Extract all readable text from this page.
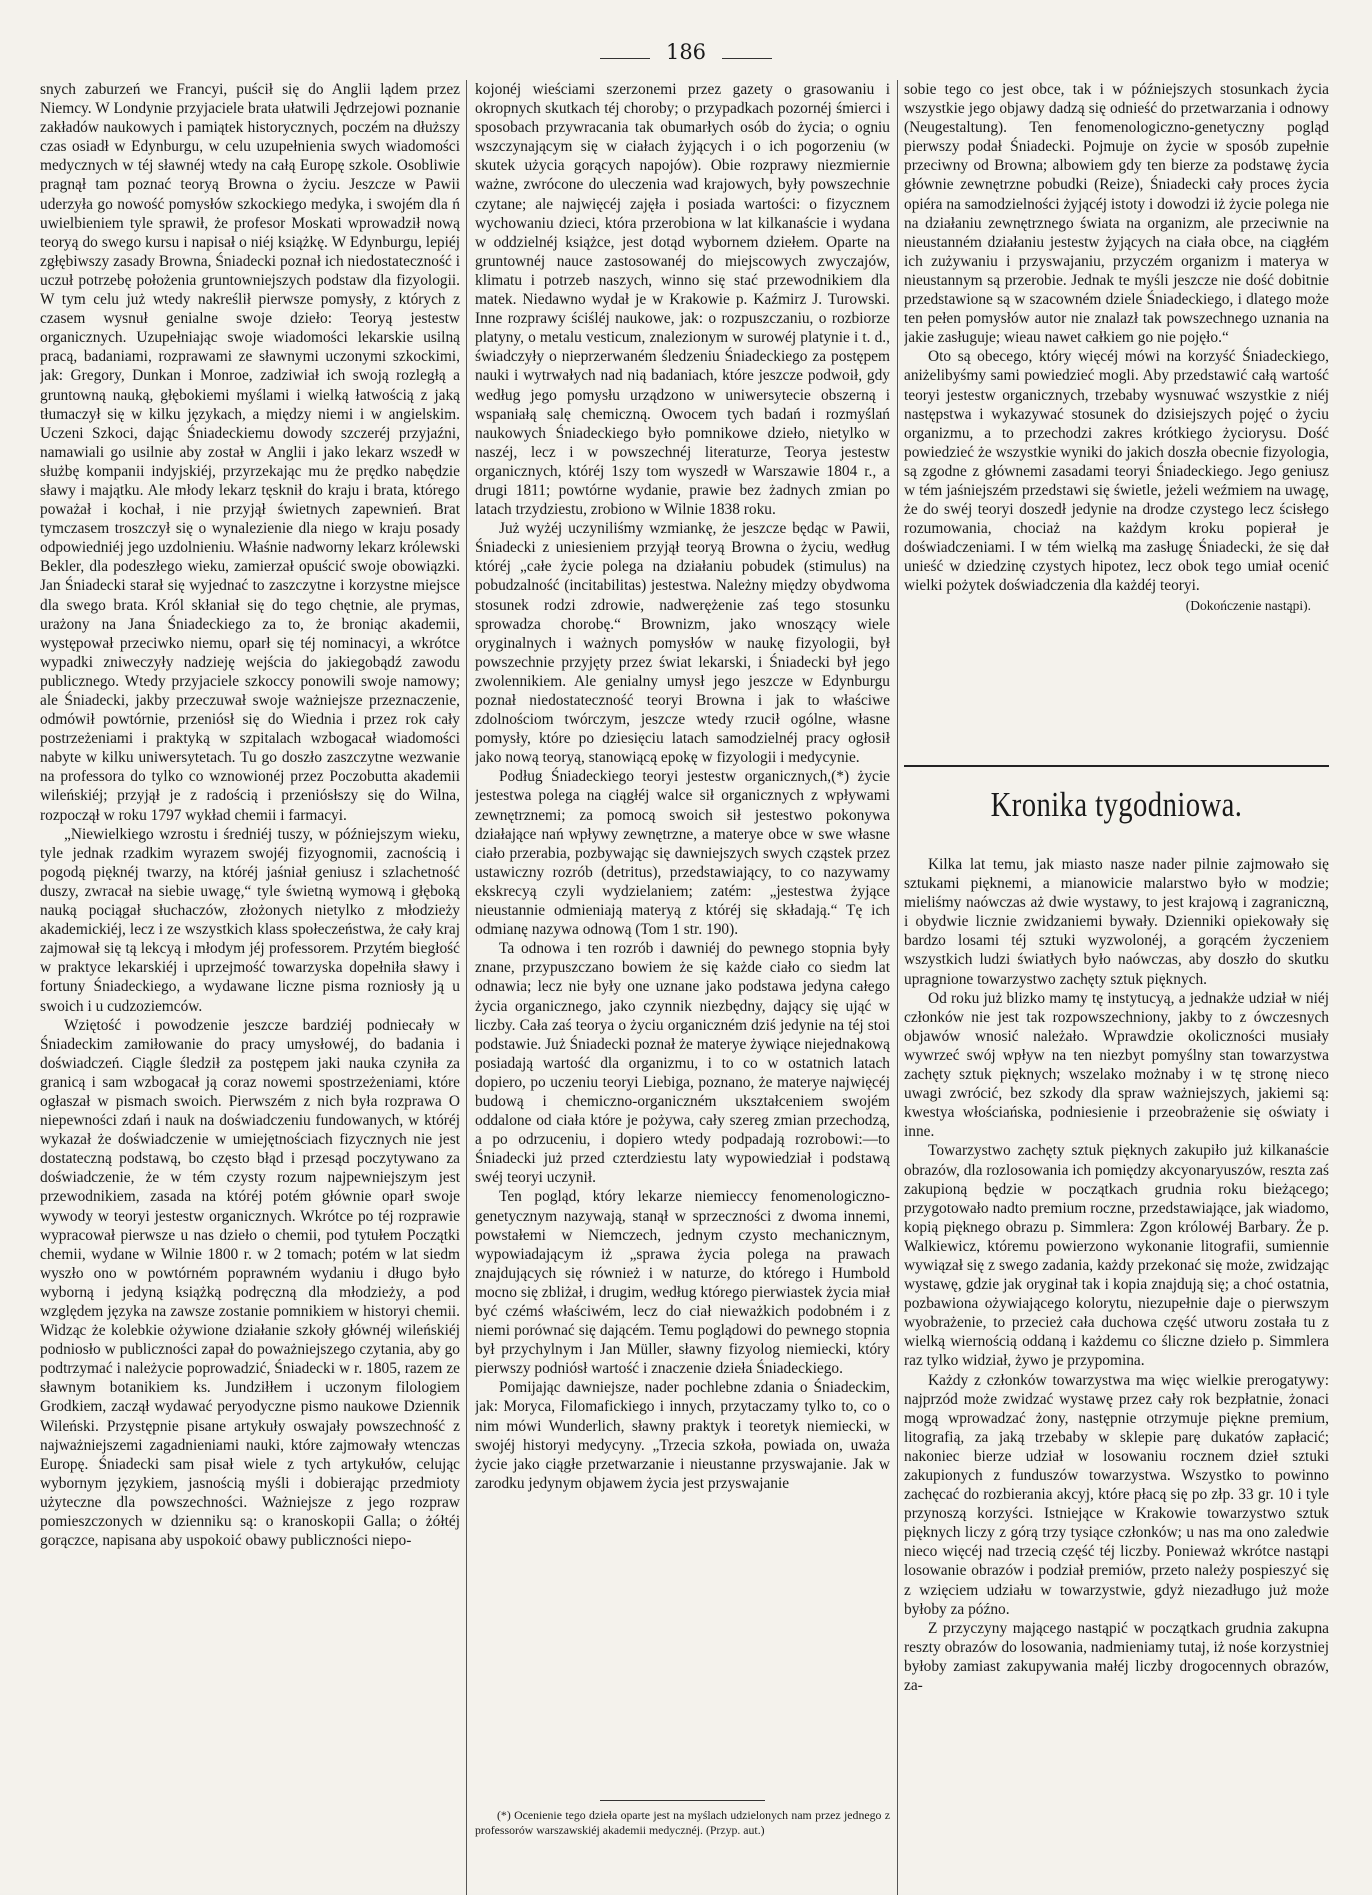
186

snych zaburzeń we Francyi, puścił się do Anglii lądem przez Niemcy. W Londynie przyjaciele brata ułatwili Jędrzejowi poznanie zakładów naukowych i pamiątek historycznych, poczém na dłuższy czas osiadł w Edynburgu, w celu uzupełnienia swych wiadomości medycznych w téj sławnéj wtedy na całą Europę szkole. Osobliwie pragnął tam poznać teoryą Browna o życiu. Jeszcze w Pawii uderzyła go nowość pomysłów szkockiego medyka, i swojém dla ń uwielbieniem tyle sprawił, że profesor Moskati wprowadził nową teoryą do swego kursu i napisał o niéj książkę. W Edynburgu, lepiéj zgłębiwszy zasady Browna, Śniadecki poznał ich niedostateczność i uczuł potrzebę położenia gruntowniejszych podstaw dla fizyologii. W tym celu już wtedy nakreślił pierwsze pomysły, z których z czasem wysnuł genialne swoje dzieło: Teoryą jestestw organicznych. Uzupełniając swoje wiadomości lekarskie usilną pracą, badaniami, rozprawami ze sławnymi uczonymi szkockimi, jak: Gregory, Dunkan i Monroe, zadziwiał ich swoją rozległą a gruntowną nauką, głębokiemi myślami i wielką łatwością z jaką tłumaczył się w kilku językach, a między niemi i w angielskim. Uczeni Szkoci, dając Śniadeckiemu dowody szczeréj przyjaźni, namawiali go usilnie aby został w Anglii i jako lekarz wszedł w służbę kompanii indyjskiéj, przyrzekając mu że prędko nabędzie sławy i majątku. Ale młody lekarz tęsknił do kraju i brata, którego poważał i kochał, i nie przyjął świetnych zapewnień. Brat tymczasem troszczył się o wynalezienie dla niego w kraju posady odpowiedniéj jego uzdolnieniu. Właśnie nadworny lekarz królewski Bekler, dla podeszłego wieku, zamierzał opuścić swoje obowiązki. Jan Śniadecki starał się wyjednać to zaszczytne i korzystne miejsce dla swego brata. Król skłaniał się do tego chętnie, ale prymas, urażony na Jana Śniadeckiego za to, że broniąc akademii, występował przeciwko niemu, oparł się téj nominacyi, a wkrótce wypadki zniweczyły nadzieję wejścia do jakiegobądź zawodu publicznego. Wtedy przyjaciele szkoccy ponowili swoje namowy; ale Śniadecki, jakby przeczuwał swoje ważniejsze przeznaczenie, odmówił powtórnie, przeniósł się do Wiednia i przez rok cały postrzeżeniami i praktyką w szpitalach wzbogacał wiadomości nabyte w kilku uniwersytetach. Tu go doszło zaszczytne wezwanie na professora do tylko co wznowionéj przez Poczobutta akademii wileńskiéj; przyjął je z radością i przeniósłszy się do Wilna, rozpoczął w roku 1797 wykład chemii i farmacyi.

„Niewielkiego wzrostu i średniéj tuszy, w późniejszym wieku, tyle jednak rzadkim wyrazem swojéj fizyognomii, zacnością i pogodą pięknéj twarzy, na któréj jaśniał geniusz i szlachetność duszy, zwracał na siebie uwagę,“ tyle świetną wymową i głęboką nauką pociągał słuchaczów, złożonych nietylko z młodzieży akademickiéj, lecz i ze wszystkich klass społeczeństwa, że cały kraj zajmował się tą lekcyą i młodym jéj professorem. Przytém biegłość w praktyce lekarskiéj i uprzejmość towarzyska dopełniła sławy i fortuny Śniadeckiego, a wydawane liczne pisma rozniosły ją u swoich i u cudzoziemców.

Wziętość i powodzenie jeszcze bardziéj podniecały w Śniadeckim zamiłowanie do pracy umysłowéj, do badania i doświadczeń. Ciągle śledził za postępem jaki nauka czyniła za granicą i sam wzbogacał ją coraz nowemi spostrzeżeniami, które ogłaszał w pismach swoich. Pierwszém z nich była rozprawa O niepewności zdań i nauk na doświadczeniu fundowanych, w któréj wykazał że doświadczenie w umiejętnościach fizycznych nie jest dostateczną podstawą, bo często błąd i przesąd poczytywano za doświadczenie, że w tém czysty rozum najpewniejszym jest przewodnikiem, zasada na któréj potém głównie oparł swoje wywody w teoryi jestestw organicznych. Wkrótce po téj rozprawie wypracował pierwsze u nas dzieło o chemii, pod tytułem Początki chemii, wydane w Wilnie 1800 r. w 2 tomach; potém w lat siedm wyszło ono w powtórném poprawném wydaniu i długo było wyborną i jedyną książką podręczną dla młodzieży, a pod względem języka na zawsze zostanie pomnikiem w historyi chemii. Widząc że kolebkie ożywione działanie szkoły głównéj wileńskiéj podniosło w publiczności zapał do poważniejszego czytania, aby go podtrzymać i należycie poprowadzić, Śniadecki w r. 1805, razem ze sławnym botanikiem ks. Jundziłłem i uczonym filologiem Grodkiem, zaczął wydawać peryodyczne pismo naukowe Dziennik Wileński. Przystępnie pisane artykuły oswajały powszechność z najważniejszemi zagadnieniami nauki, które zajmowały wtenczas Europę. Śniadecki sam pisał wiele z tych artykułów, celując wybornym językiem, jasnością myśli i dobierając przedmioty użyteczne dla powszechności. Ważniejsze z jego rozpraw pomieszczonych w dzienniku są: o kranoskopii Galla; o żółtéj gorączce, napisana aby uspokoić obawy publiczności niepo-

kojonéj wieściami szerzonemi przez gazety o grasowaniu i okropnych skutkach téj choroby; o przypadkach pozornéj śmierci i sposobach przywracania tak obumarłych osób do życia; o ogniu wszczynającym się w ciałach żyjących i o ich pogorzeniu (w skutek użycia gorących napojów). Obie rozprawy niezmiernie ważne, zwrócone do uleczenia wad krajowych, były powszechnie czytane; ale najwięcéj zajęła i posiada wartości: o fizycznem wychowaniu dzieci, która przerobiona w lat kilkanaście i wydana w oddzielnéj książce, jest dotąd wybornem dziełem. Oparte na gruntownéj nauce zastosowanéj do miejscowych zwyczajów, klimatu i potrzeb naszych, winno się stać przewodnikiem dla matek. Niedawno wydał je w Krakowie p. Kaźmirz J. Turowski. Inne rozprawy ściśléj naukowe, jak: o rozpuszczaniu, o rozbiorze platyny, o metalu vesticum, znalezionym w surowéj platynie i t. d., świadczyły o nieprzerwaném śledzeniu Śniadeckiego za postępem nauki i wytrwałych nad nią badaniach, które jeszcze podwoił, gdy według jego pomysłu urządzono w uniwersytecie obszerną i wspaniałą salę chemiczną. Owocem tych badań i rozmyślań naukowych Śniadeckiego było pomnikowe dzieło, nietylko w naszéj, lecz i w powszechnéj literaturze, Teorya jestestw organicznych, któréj 1szy tom wyszedł w Warszawie 1804 r., a drugi 1811; powtórne wydanie, prawie bez żadnych zmian po latach trzydziestu, zrobiono w Wilnie 1838 roku.

Już wyżéj uczyniliśmy wzmiankę, że jeszcze będąc w Pawii, Śniadecki z uniesieniem przyjął teoryą Browna o życiu, według któréj „całe życie polega na działaniu pobudek (stimulus) na pobudzalność (incitabilitas) jestestwa. Należny między obydwoma stosunek rodzi zdrowie, nadwerężenie zaś tego stosunku sprowadza chorobę.“ Brownizm, jako wnoszący wiele oryginalnych i ważnych pomysłów w naukę fizyologii, był powszechnie przyjęty przez świat lekarski, i Śniadecki był jego zwolennikiem. Ale genialny umysł jego jeszcze w Edynburgu poznał niedostateczność teoryi Browna i jak to właściwe zdolnościom twórczym, jeszcze wtedy rzucił ogólne, własne pomysły, które po dziesięciu latach samodzielnéj pracy ogłosił jako nową teoryą, stanowiącą epokę w fizyologii i medycynie.

Podług Śniadeckiego teoryi jestestw organicznych,(*) życie jestestwa polega na ciągłéj walce sił organicznych z wpływami zewnętrznemi; za pomocą swoich sił jestestwo pokonywa działające nań wpływy zewnętrzne, a materye obce w swe własne ciało przerabia, pozbywając się dawniejszych swych cząstek przez ustawiczny rozrób (detritus), przedstawiający, to co nazywamy ekskrecyą czyli wydzielaniem; zatém: „jestestwa żyjące nieustannie odmieniają materyą z któréj się składają.“ Tę ich odmianę nazywa odnową (Tom 1 str. 190).

Ta odnowa i ten rozrób i dawniéj do pewnego stopnia były znane, przypuszczano bowiem że się każde ciało co siedm lat odnawia; lecz nie były one uznane jako podstawa jedyna całego życia organicznego, jako czynnik niezbędny, dający się ująć w liczby. Cała zaś teorya o życiu organiczném dziś jedynie na téj stoi podstawie. Już Śniadecki poznał że materye żywiące niejednakową posiadają wartość dla organizmu, i to co w ostatnich latach dopiero, po uczeniu teoryi Liebiga, poznano, że materye najwięcéj budową i chemiczno-organiczném ukształceniem swojém oddalone od ciała które je pożywa, cały szereg zmian przechodzą, a po odrzuceniu, i dopiero wtedy podpadają rozrobowi:—to Śniadecki już przed czterdziestu laty wypowiedział i podstawą swéj teoryi uczynił.

Ten pogląd, który lekarze niemieccy fenomenologiczno-genetycznym nazywają, stanął w sprzeczności z dwoma innemi, powstałemi w Niemczech, jednym czysto mechanicznym, wypowiadającym iż „sprawa życia polega na prawach znajdujących się również i w naturze, do którego i Humbold mocno się zbliżał, i drugim, według którego pierwiastek życia miał być czémś właściwém, lecz do ciał nieważkich podobném i z niemi porównać się dającém. Temu poglądowi do pewnego stopnia był przychylnym i Jan Müller, sławny fizyolog niemiecki, który pierwszy podniósł wartość i znaczenie dzieła Śniadeckiego.

Pomijając dawniejsze, nader pochlebne zdania o Śniadeckim, jak: Moryca, Filomafickiego i innych, przytaczamy tylko to, co o nim mówi Wunderlich, sławny praktyk i teoretyk niemiecki, w swojéj historyi medycyny. „Trzecia szkoła, powiada on, uważa życie jako ciągłe przetwarzanie i nieustanne przyswajanie. Jak w zarodku jedynym objawem życia jest przyswajanie

(*) Ocenienie tego dzieła oparte jest na myślach udzielonych nam przez jednego z professorów warszawskiéj akademii medycznéj. (Przyp. aut.)

sobie tego co jest obce, tak i w późniejszych stosunkach życia wszystkie jego objawy dadzą się odnieść do przetwarzania i odnowy (Neugestaltung). Ten fenomenologiczno-genetyczny pogląd pierwszy podał Śniadecki. Pojmuje on życie w sposób zupełnie przeciwny od Browna; albowiem gdy ten bierze za podstawę życia głównie zewnętrzne pobudki (Reize), Śniadecki cały proces życia opiéra na samodzielności żyjącéj istoty i dowodzi iż życie polega nie na działaniu zewnętrznego świata na organizm, ale przeciwnie na nieustanném działaniu jestestw żyjących na ciała obce, na ciągłém ich zużywaniu i przyswajaniu, przyczém organizm i materya w nieustannym są przerobie. Jednak te myśli jeszcze nie dość dobitnie przedstawione są w szacowném dziele Śniadeckiego, i dlatego może ten pełen pomysłów autor nie znalazł tak powszechnego uznania na jakie zasługuje; wieau nawet całkiem go nie pojęło.“

Oto są obecego, który więcéj mówi na korzyść Śniadeckiego, aniżelibyśmy sami powiedzieć mogli. Aby przedstawić całą wartość teoryi jestestw organicznych, trzebaby wysnuwać wszystkie z niéj następstwa i wykazywać stosunek do dzisiejszych pojęć o życiu organizmu, a to przechodzi zakres krótkiego życiorysu. Dość powiedzieć że wszystkie wyniki do jakich doszła obecnie fizyologia, są zgodne z głównemi zasadami teoryi Śniadeckiego. Jego geniusz w tém jaśniejszém przedstawi się świetle, jeżeli weźmiem na uwagę, że do swéj teoryi doszedł jedynie na drodze czystego lecz ścisłego rozumowania, chociaż na każdym kroku popierał je doświadczeniami. I w tém wielką ma zasługę Śniadecki, że się dał unieść w dziedzinę czystych hipotez, lecz obok tego umiał ocenić wielki pożytek doświadczenia dla każdéj teoryi.

(Dokończenie nastąpi).

Kronika tygodniowa.

Kilka lat temu, jak miasto nasze nader pilnie zajmowało się sztukami pięknemi, a mianowicie malarstwo było w modzie; mieliśmy naówczas aż dwie wystawy, to jest krajową i zagraniczną, i obydwie licznie zwidzaniemi bywały. Dzienniki opiekowały się bardzo losami téj sztuki wyzwolonéj, a gorącém życzeniem wszystkich ludzi światłych było naówczas, aby doszło do skutku upragnione towarzystwo zachęty sztuk pięknych.

Od roku już blizko mamy tę instytucyą, a jednakże udział w niéj członków nie jest tak rozpowszechniony, jakby to z ówczesnych objawów wnosić należało. Wprawdzie okoliczności musiały wywrzeć swój wpływ na ten niezbyt pomyślny stan towarzystwa zachęty sztuk pięknych; wszelako możnaby i w tę stronę nieco uwagi zwrócić, bez szkody dla spraw ważniejszych, jakiemi są: kwestya włościańska, podniesienie i przeobrażenie się oświaty i inne.

Towarzystwo zachęty sztuk pięknych zakupiło już kilkanaście obrazów, dla rozlosowania ich pomiędzy akcyonaryuszów, reszta zaś zakupioną będzie w początkach grudnia roku bieżącego; przygotowało nadto premium roczne, przedstawiające, jak wiadomo, kopią pięknego obrazu p. Simmlera: Zgon królowéj Barbary. Że p. Walkiewicz, któremu powierzono wykonanie litografii, sumiennie wywiązał się z swego zadania, każdy przekonać się może, zwidzając wystawę, gdzie jak oryginał tak i kopia znajdują się; a choć ostatnia, pozbawiona ożywiającego kolorytu, niezupełnie daje o pierwszym wyobrażenie, to przecież cała duchowa część utworu została tu z wielką wiernością oddaną i każdemu co śliczne dzieło p. Simmlera raz tylko widział, żywo je przypomina.

Każdy z członków towarzystwa ma więc wielkie prerogatywy: najprzód może zwidzać wystawę przez cały rok bezpłatnie, żonaci mogą wprowadzać żony, następnie otrzymuje piękne premium, litografią, za jaką trzebaby w sklepie parę dukatów zapłacić; nakoniec bierze udział w losowaniu rocznem dzieł sztuki zakupionych z funduszów towarzystwa. Wszystko to powinno zachęcać do rozbierania akcyj, które płacą się po złp. 33 gr. 10 i tyle przynoszą korzyści. Istniejące w Krakowie towarzystwo sztuk pięknych liczy z górą trzy tysiące członków; u nas ma ono zaledwie nieco więcéj nad trzecią część téj liczby. Ponieważ wkrótce nastąpi losowanie obrazów i podział premiów, przeto należy pospieszyć się z wzięciem udziału w towarzystwie, gdyż niezadługo już może byłoby za późno.

Z przyczyny mającego nastąpić w początkach grudnia zakupna reszty obrazów do losowania, nadmieniamy tutaj, iż nośe korzystniej byłoby zamiast zakupywania małéj liczby drogocennych obrazów, za-
